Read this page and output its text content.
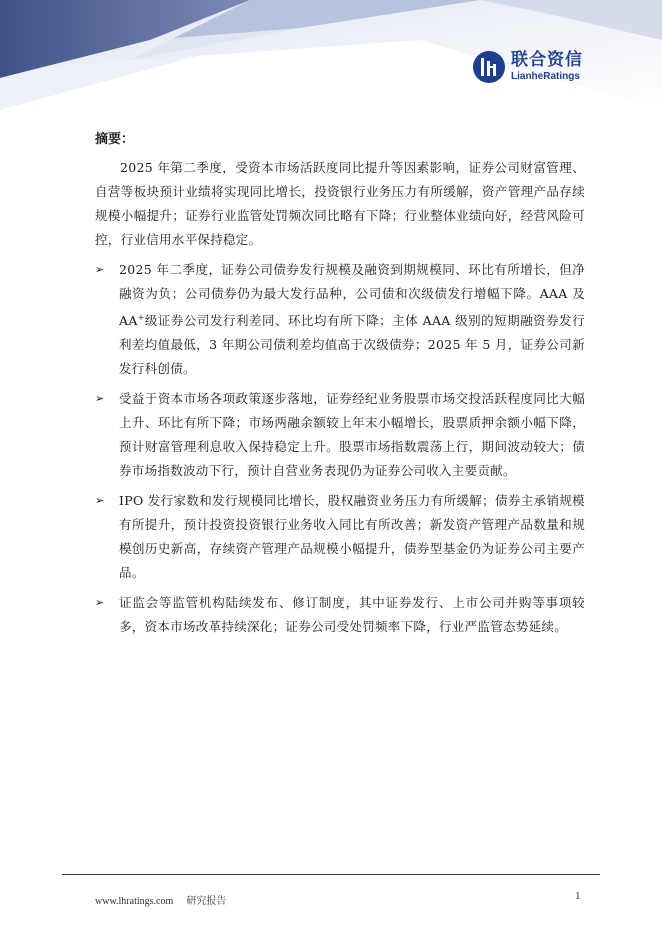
联合资信
LianheRatings
摘要：

2025 年第二季度，受资本市场活跃度同比提升等因素影响，证券公司财富管理、自营等板块预计业绩将实现同比增长，投资银行业务压力有所缓解，资产管理产品存续规模小幅提升；证券行业监管处罚频次同比略有下降；行业整体业绩向好，经营风险可控，行业信用水平保持稳定。

➢ 2025 年二季度，证券公司债券发行规模及融资到期规模同、环比有所增长，但净融资为负；公司债券仍为最大发行品种，公司债和次级债发行增幅下降。AAA 及 AA+级证券公司发行利差同、环比均有所下降；主体 AAA 级别的短期融资券发行利差均值最低，3 年期公司债利差均值高于次级债券；2025 年 5 月，证券公司新发行科创债。
➢ 受益于资本市场各项政策逐步落地，证券经纪业务股票市场交投活跃程度同比大幅上升、环比有所下降；市场两融余额较上年末小幅增长，股票质押余额小幅下降，预计财富管理利息收入保持稳定上升。股票市场指数震荡上行，期间波动较大；债券市场指数波动下行，预计自营业务表现仍为证券公司收入主要贡献。
➢ IPO 发行家数和发行规模同比增长，股权融资业务压力有所缓解；债券主承销规模有所提升，预计投资投资银行业务收入同比有所改善；新发资产管理产品数量和规模创历史新高，存续资产管理产品规模小幅提升，债券型基金仍为证券公司主要产品。
➢ 证监会等监管机构陆续发布、修订制度，其中证券发行、上市公司并购等事项较多，资本市场改革持续深化；证券公司受处罚频率下降，行业严监管态势延续。
www.lhratings.com 研究报告	1
